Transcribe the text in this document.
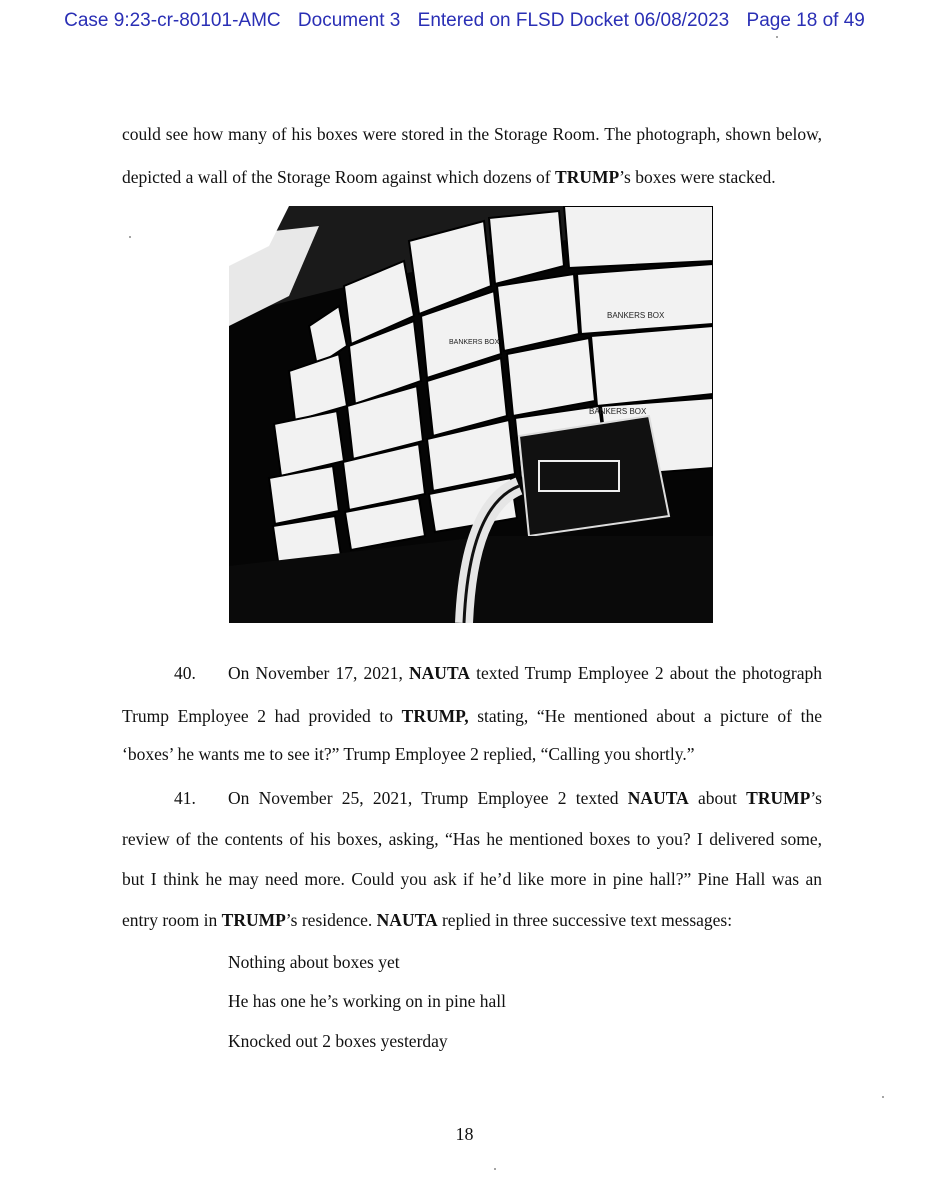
Case 9:23-cr-80101-AMC Document 3 Entered on FLSD Docket 06/08/2023 Page 18 of 49
could see how many of his boxes were stored in the Storage Room. The photograph, shown below,
depicted a wall of the Storage Room against which dozens of TRUMP’s boxes were stacked.
BANKERS BOX
BANKERS BOX
BANKERS BOX
40. On November 17, 2021, NAUTA texted Trump Employee 2 about the photograph
Trump Employee 2 had provided to TRUMP, stating, “He mentioned about a picture of the
‘boxes’ he wants me to see it?” Trump Employee 2 replied, “Calling you shortly.”
41. On November 25, 2021, Trump Employee 2 texted NAUTA about TRUMP’s
review of the contents of his boxes, asking, “Has he mentioned boxes to you? I delivered some,
but I think he may need more. Could you ask if he’d like more in pine hall?” Pine Hall was an
entry room in TRUMP’s residence. NAUTA replied in three successive text messages:
Nothing about boxes yet
He has one he’s working on in pine hall
Knocked out 2 boxes yesterday
18
